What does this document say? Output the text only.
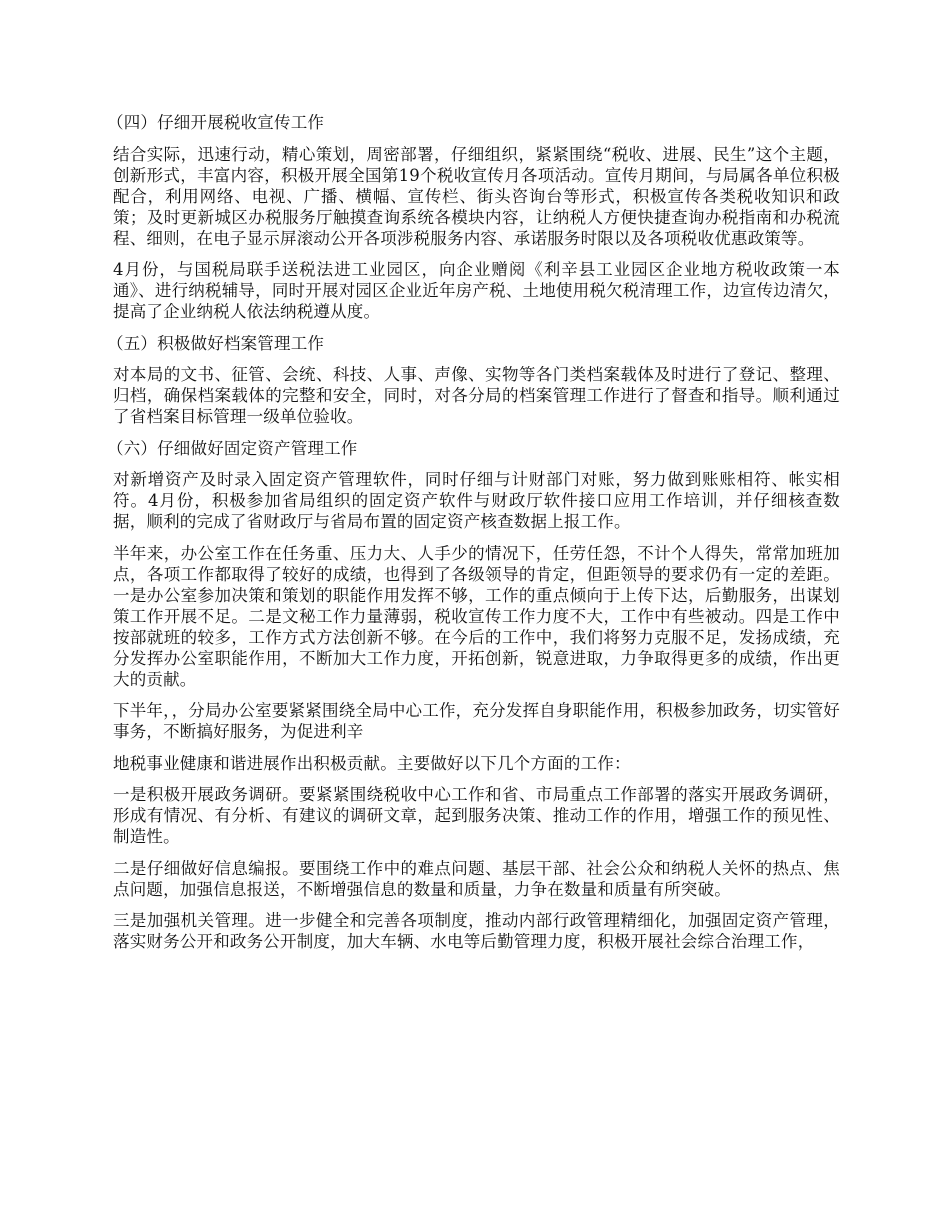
（四）仔细开展税收宣传工作

结合实际，迅速行动，精心策划，周密部署，仔细组织，紧紧围绕“税收、进展、民生”这个主题，创新形式，丰富内容，积极开展全国第19个税收宣传月各项活动。宣传月期间，与局属各单位积极配合，利用网络、电视、广播、横幅、宣传栏、街头咨询台等形式，积极宣传各类税收知识和政策；及时更新城区办税服务厅触摸查询系统各模块内容，让纳税人方便快捷查询办税指南和办税流程、细则，在电子显示屏滚动公开各项涉税服务内容、承诺服务时限以及各项税收优惠政策等。

4月份，与国税局联手送税法进工业园区，向企业赠阅《利辛县工业园区企业地方税收政策一本通》、进行纳税辅导，同时开展对园区企业近年房产税、土地使用税欠税清理工作，边宣传边清欠，提高了企业纳税人依法纳税遵从度。

（五）积极做好档案管理工作

对本局的文书、征管、会统、科技、人事、声像、实物等各门类档案载体及时进行了登记、整理、归档，确保档案载体的完整和安全，同时，对各分局的档案管理工作进行了督查和指导。顺利通过了省档案目标管理一级单位验收。

（六）仔细做好固定资产管理工作

对新增资产及时录入固定资产管理软件，同时仔细与计财部门对账，努力做到账账相符、帐实相符。4月份，积极参加省局组织的固定资产软件与财政厅软件接口应用工作培训，并仔细核查数据，顺利的完成了省财政厅与省局布置的固定资产核查数据上报工作。

半年来，办公室工作在任务重、压力大、人手少的情况下，任劳任怨，不计个人得失，常常加班加点，各项工作都取得了较好的成绩，也得到了各级领导的肯定，但距领导的要求仍有一定的差距。一是办公室参加决策和策划的职能作用发挥不够，工作的重点倾向于上传下达，后勤服务，出谋划策工作开展不足。二是文秘工作力量薄弱，税收宣传工作力度不大，工作中有些被动。四是工作中按部就班的较多，工作方式方法创新不够。在今后的工作中，我们将努力克服不足，发扬成绩，充分发挥办公室职能作用，不断加大工作力度，开拓创新，锐意进取，力争取得更多的成绩，作出更大的贡献。

下半年，，分局办公室要紧紧围绕全局中心工作，充分发挥自身职能作用，积极参加政务，切实管好事务，不断搞好服务，为促进利辛

地税事业健康和谐进展作出积极贡献。主要做好以下几个方面的工作：

一是积极开展政务调研。要紧紧围绕税收中心工作和省、市局重点工作部署的落实开展政务调研，形成有情况、有分析、有建议的调研文章，起到服务决策、推动工作的作用，增强工作的预见性、制造性。

二是仔细做好信息编报。要围绕工作中的难点问题、基层干部、社会公众和纳税人关怀的热点、焦点问题，加强信息报送，不断增强信息的数量和质量，力争在数量和质量有所突破。

三是加强机关管理。进一步健全和完善各项制度，推动内部行政管理精细化，加强固定资产管理，落实财务公开和政务公开制度，加大车辆、水电等后勤管理力度，积极开展社会综合治理工作，
